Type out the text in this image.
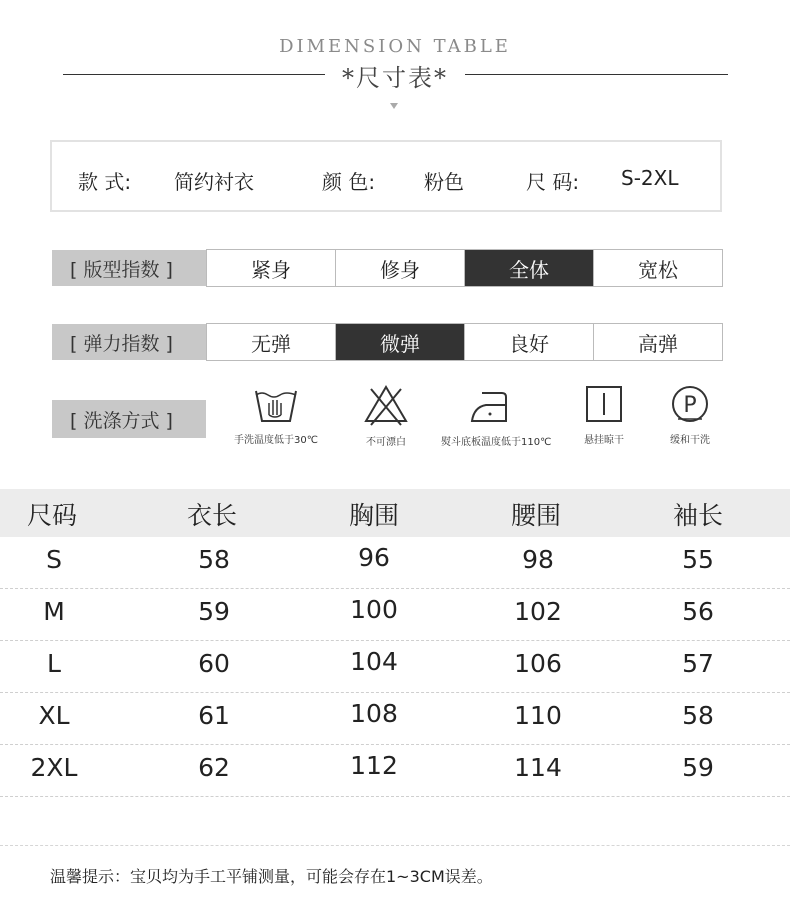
DIMENSION TABLE
*尺寸表*
款 式: 简约衬衣	颜 色: 粉色	尺 码: S-2XL
[ 版型指数 ]	紧身	修身	全体	宽松
[ 弹力指数 ]	无弹	微弹	良好	高弹
[ 洗涤方式 ]
手洗温度低于30℃	不可漂白	熨斗底板温度低于110℃	悬挂晾干
P
缓和干洗
尺码	衣长	胸围	腰围	袖长
S	58	96	98	55
M	59	100	102	56
L	60	104	106	57
XL	61	108	110	58
2XL	62	112	114	59
温馨提示：宝贝均为手工平铺测量，可能会存在1~3CM误差。
